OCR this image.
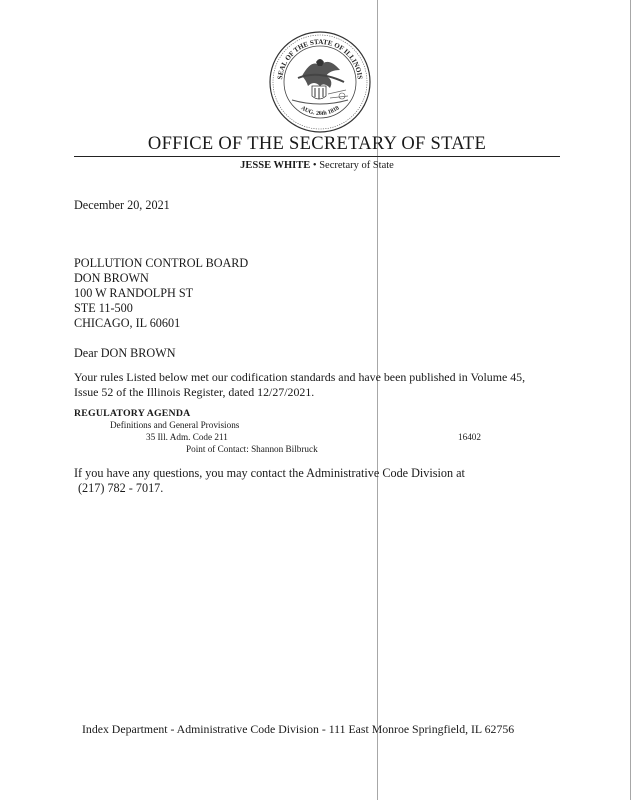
SEAL OF THE STATE OF ILLINOIS
AUG. 26th 1818
OFFICE OF THE SECRETARY OF STATE
JESSE WHITE • Secretary of State
December 20, 2021
POLLUTION CONTROL BOARD
DON BROWN
100 W RANDOLPH ST
STE 11-500
CHICAGO, IL 60601
Dear DON BROWN
Your rules Listed below met our codification standards and have been published in Volume 45,
Issue 52 of the Illinois Register, dated 12/27/2021.
REGULATORY AGENDA
Definitions and General Provisions
35 Ill. Adm. Code 211	16402
Point of Contact: Shannon Bilbruck
If you have any questions, you may contact the Administrative Code Division at
(217) 782 - 7017.
Index Department - Administrative Code Division - 111 East Monroe Springfield, IL 62756
